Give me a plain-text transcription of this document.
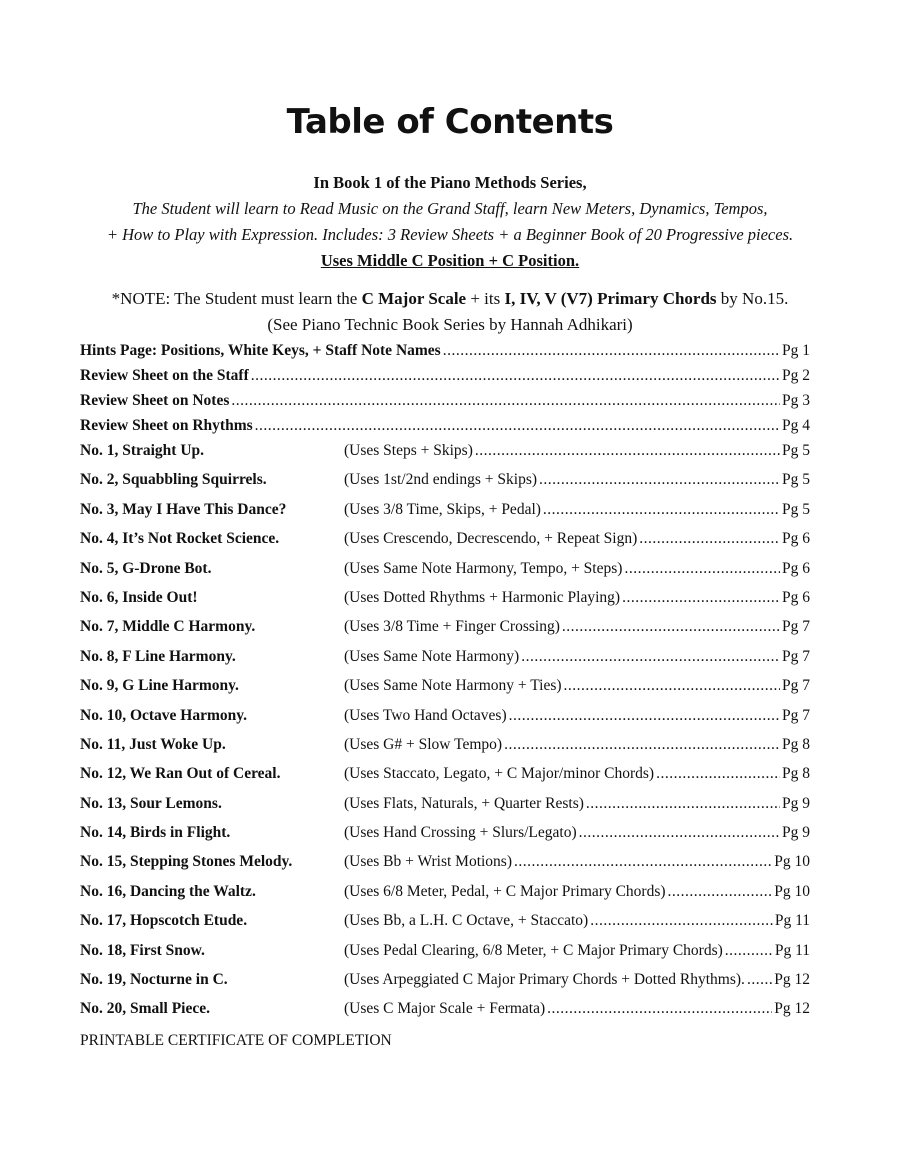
Table of Contents
In Book 1 of the Piano Methods Series,
The Student will learn to Read Music on the Grand Staff, learn New Meters, Dynamics, Tempos,
+ How to Play with Expression. Includes: 3 Review Sheets + a Beginner Book of 20 Progressive pieces.
Uses Middle C Position + C Position.
*NOTE: The Student must learn the C Major Scale + its I, IV, V (V7) Primary Chords by No.15.
(See Piano Technic Book Series by Hannah Adhikari)
Hints Page: Positions, White Keys, + Staff Note Names .....	Pg 1
Review Sheet on the Staff .....	Pg 2
Review Sheet on Notes .....	Pg 3
Review Sheet on Rhythms .....	Pg 4
No. 1, Straight Up.	(Uses Steps + Skips) .....	Pg 5
No. 2, Squabbling Squirrels.	(Uses 1st/2nd endings + Skips) .....	Pg 5
No. 3, May I Have This Dance?	(Uses 3/8 Time, Skips, + Pedal) .....	Pg 5
No. 4, It’s Not Rocket Science.	(Uses Crescendo, Decrescendo, + Repeat Sign) .....	Pg 6
No. 5, G-Drone Bot.	(Uses Same Note Harmony, Tempo, + Steps) .....	Pg 6
No. 6, Inside Out!	(Uses Dotted Rhythms + Harmonic Playing) .....	Pg 6
No. 7, Middle C Harmony.	(Uses 3/8 Time + Finger Crossing) .....	Pg 7
No. 8, F Line Harmony.	(Uses Same Note Harmony) .....	Pg 7
No. 9, G Line Harmony.	(Uses Same Note Harmony + Ties) .....	Pg 7
No. 10, Octave Harmony.	(Uses Two Hand Octaves) .....	Pg 7
No. 11, Just Woke Up.	(Uses G# + Slow Tempo) .....	Pg 8
No. 12, We Ran Out of Cereal.	(Uses Staccato, Legato, + C Major/minor Chords) .....	Pg 8
No. 13, Sour Lemons.	(Uses Flats, Naturals, + Quarter Rests) .....	Pg 9
No. 14, Birds in Flight.	(Uses Hand Crossing + Slurs/Legato) .....	Pg 9
No. 15, Stepping Stones Melody.	(Uses Bb + Wrist Motions) .....	Pg 10
No. 16, Dancing the Waltz.	(Uses 6/8 Meter, Pedal, + C Major Primary Chords) .....	Pg 10
No. 17, Hopscotch Etude.	(Uses Bb, a L.H. C Octave, + Staccato) .....	Pg 11
No. 18, First Snow.	(Uses Pedal Clearing, 6/8 Meter, + C Major Primary Chords) .....	Pg 11
No. 19, Nocturne in C.	(Uses Arpeggiated C Major Primary Chords + Dotted Rhythms). ..... Pg 12
No. 20, Small Piece.	(Uses C Major Scale + Fermata) .....	Pg 12
PRINTABLE CERTIFICATE OF COMPLETION
